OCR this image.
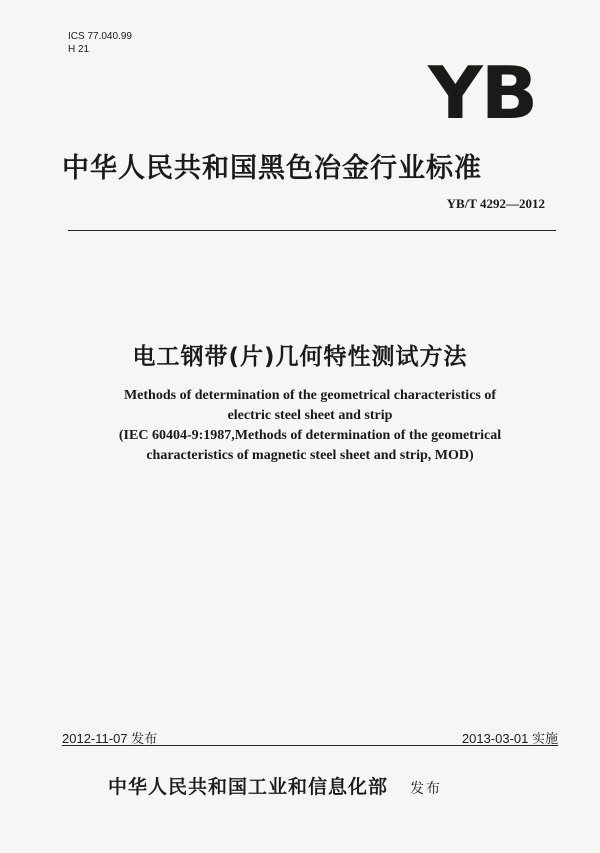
ICS 77.040.99
H 21
YB
中华人民共和国黑色冶金行业标准
YB/T 4292—2012
电工钢带(片)几何特性测试方法
Methods of determination of the geometrical characteristics of
electric steel sheet and strip
(IEC 60404-9:1987,Methods of determination of the geometrical
characteristics of magnetic steel sheet and strip, MOD)
2012-11-07 发布	2013-03-01 实施
中华人民共和国工业和信息化部 发布
